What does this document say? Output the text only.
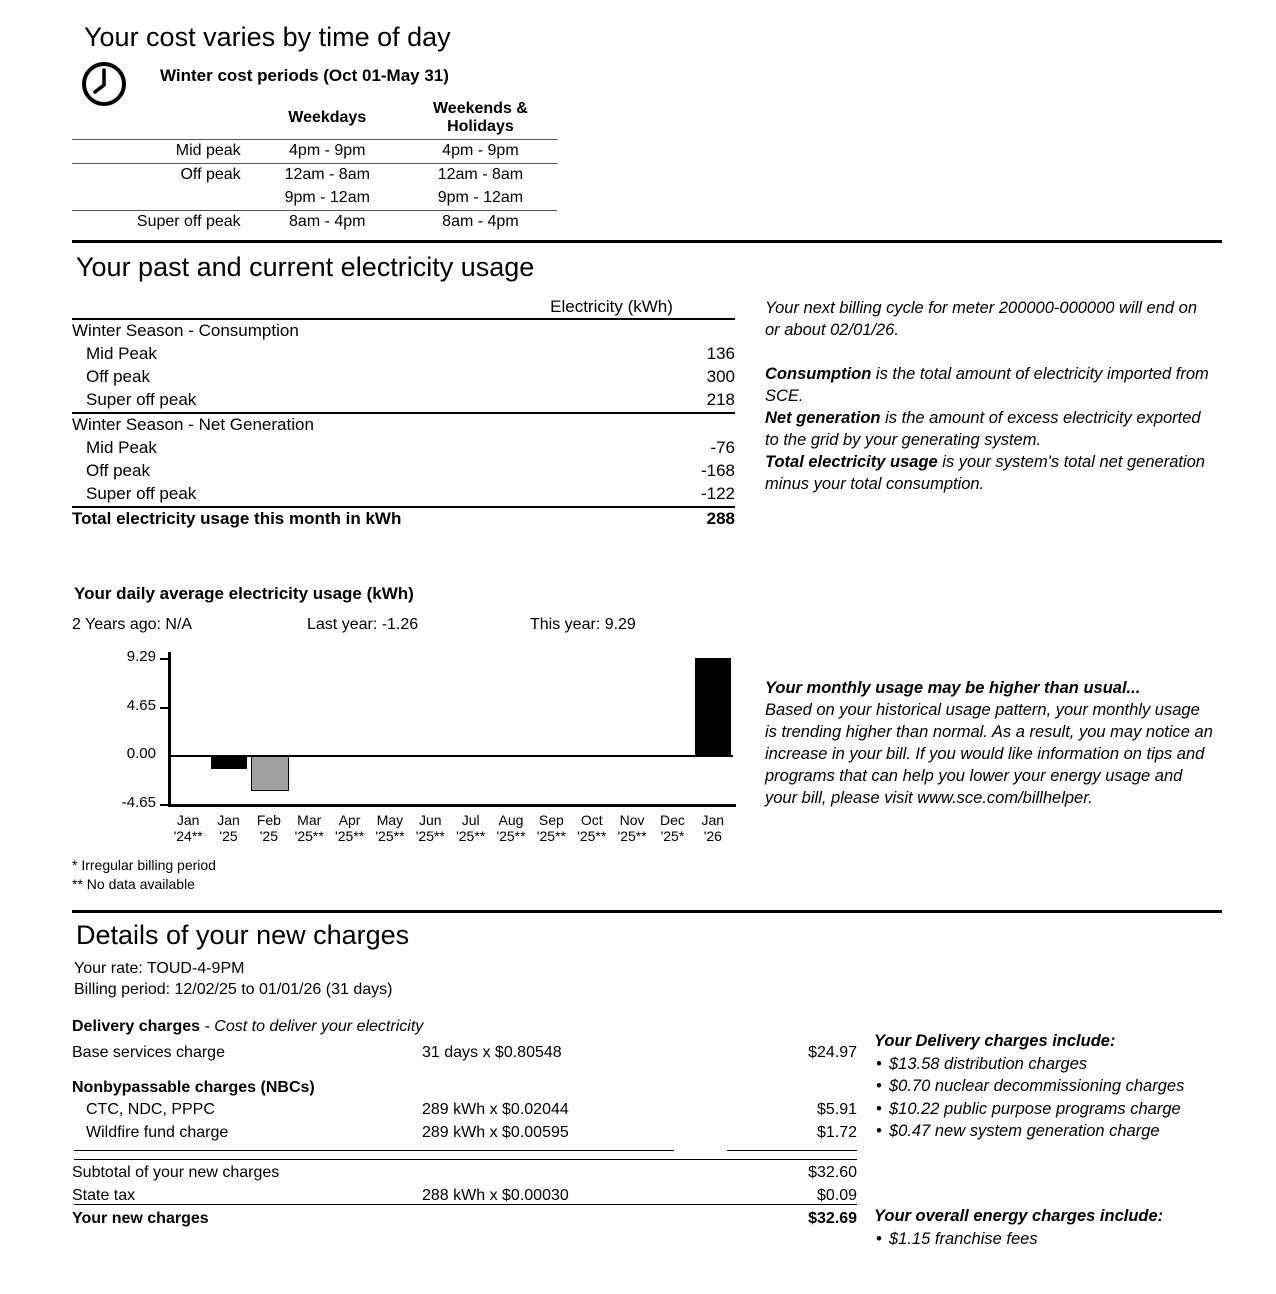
Your cost varies by time of day
Winter cost periods (Oct 01-May 31)
	Weekdays	Weekends & Holidays
Mid peak	4pm - 9pm	4pm - 9pm
Off peak	12am - 8am	12am - 8am
	9pm - 12am	9pm - 12am
Super off peak	8am - 4pm	8am - 4pm
Your past and current electricity usage
Electricity (kWh)	
Winter Season - Consumption	
Mid Peak	136
Off peak	300
Super off peak	218
Winter Season - Net Generation	
Mid Peak	-76
Off peak	-168
Super off peak	-122
Total electricity usage this month in kWh	288
Your next billing cycle for meter 200000-000000 will end on or about 02/01/26.
Consumption is the total amount of electricity imported from SCE.
Net generation is the amount of excess electricity exported to the grid by your generating system.
Total electricity usage is your system's total net generation minus your total consumption.
Your daily average electricity usage (kWh)
2 Years ago: N/A	Last year: -1.26	This year: 9.29
9.29
4.65
0.00
-4.65
Jan
'24**
Jan
'25
Feb
'25
Mar
'25**
Apr
'25**
May
'25**
Jun
'25**
Jul
'25**
Aug
'25**
Sep
'25**
Oct
'25**
Nov
'25**
Dec
'25*
Jan
'26
* Irregular billing period
** No data available
Your monthly usage may be higher than usual...
Based on your historical usage pattern, your monthly usage is trending higher than normal. As a result, you may notice an increase in your bill. If you would like information on tips and programs that can help you lower your energy usage and your bill, please visit www.sce.com/billhelper.
Details of your new charges
Your rate: TOUD-4-9PM
Billing period: 12/02/25 to 01/01/26 (31 days)
Delivery charges - Cost to deliver your electricity
Base services charge	31 days x $0.80548	$24.97
Nonbypassable charges (NBCs)
CTC, NDC, PPPC	289 kWh x $0.02044	$5.91
Wildfire fund charge	289 kWh x $0.00595	$1.72
Subtotal of your new charges	$32.60
State tax	288 kWh x $0.00030	$0.09
Your new charges	$32.69
Your Delivery charges include:
• $13.58 distribution charges
• $0.70 nuclear decommissioning charges
• $10.22 public purpose programs charge
• $0.47 new system generation charge
Your overall energy charges include:
• $1.15 franchise fees
